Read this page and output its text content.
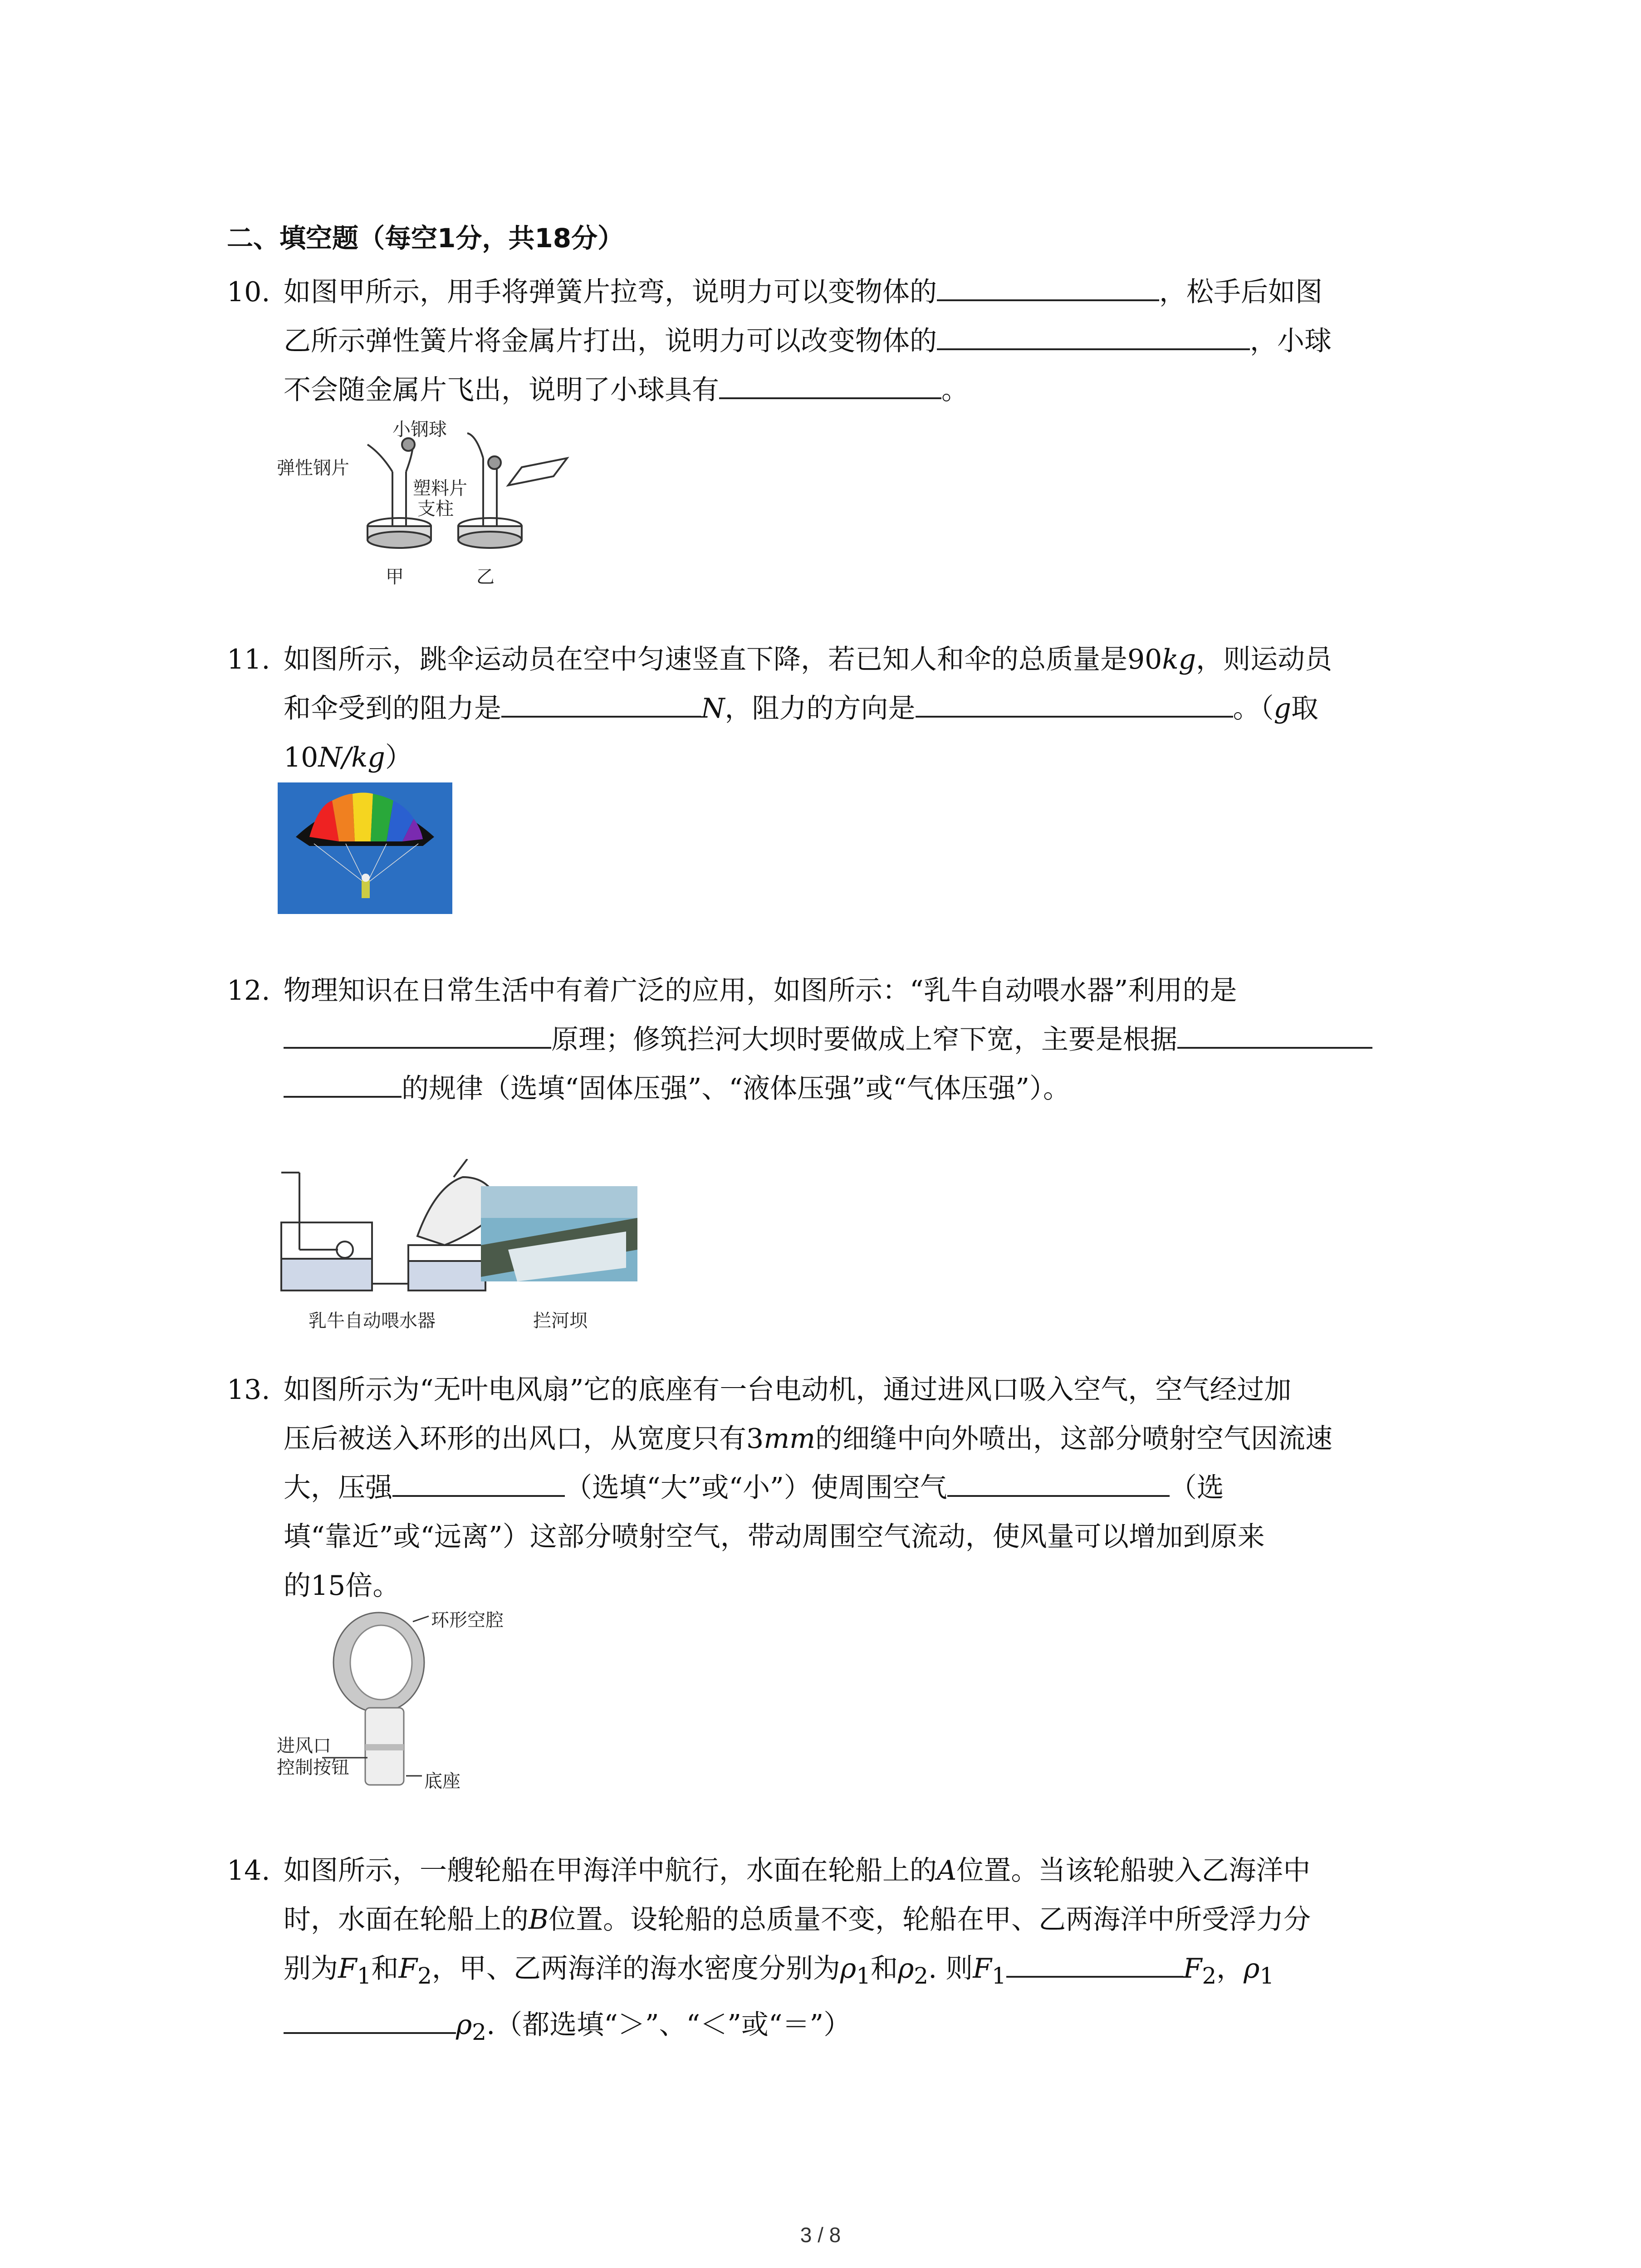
二、填空题（每空1分，共18分）
10. 如图甲所示，用手将弹簧片拉弯，说明力可以变物体的	，松手后如图
乙所示弹性簧片将金属片打出，说明力可以改变物体的	，小球
不会随金属片飞出，说明了小球具有	。
小钢球
弹性钢片
塑料片
支柱
甲	乙
11. 如图所示，跳伞运动员在空中匀速竖直下降，若已知人和伞的总质量是90kg，则运动员
和伞受到的阻力是	N，阻力的方向是	。（g取
10N/kg）
12. 物理知识在日常生活中有着广泛的应用，如图所示：“乳牛自动喂水器”利用的是
原理；修筑拦河大坝时要做成上窄下宽，主要是根据
的规律（选填“固体压强”、“液体压强”或“气体压强”）。
乳牛自动喂水器	拦河坝
13. 如图所示为“无叶电风扇”它的底座有一台电动机，通过进风口吸入空气，空气经过加
压后被送入环形的出风口，从宽度只有3mm的细缝中向外喷出，这部分喷射空气因流速
大，压强	（选填“大”或“小”）使周围空气	（选
填“靠近”或“远离”）这部分喷射空气，带动周围空气流动，使风量可以增加到原来
的15倍。
环形空腔
进风口
控制按钮
底座
14. 如图所示，一艘轮船在甲海洋中航行，水面在轮船上的A位置。当该轮船驶入乙海洋中
时，水面在轮船上的B位置。设轮船的总质量不变，轮船在甲、乙两海洋中所受浮力分
别为$F_1$和$F_2$，甲、乙两海洋的海水密度分别为$\rho_1$和$\rho_2$. 则$F_1$	$F_2$，$\rho_1$
$\rho_2$.（都选填“＞”、“＜”或“＝”）
3 / 8
